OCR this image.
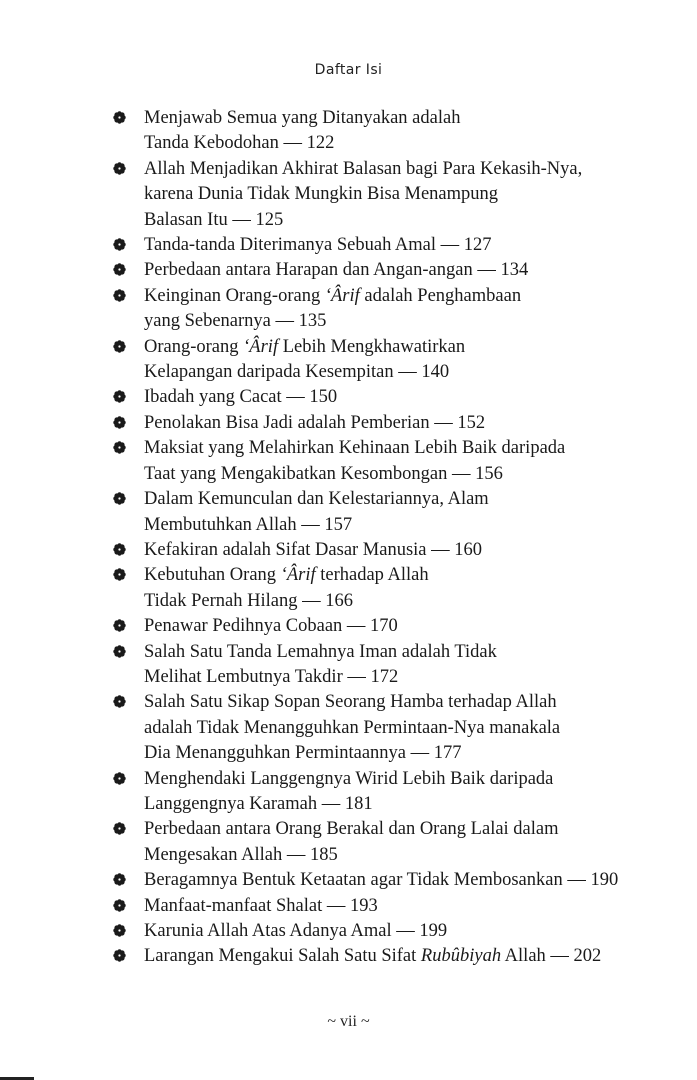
Daftar Isi
Menjawab Semua yang Ditanyakan adalah
Tanda Kebodohan — 122
Allah Menjadikan Akhirat Balasan bagi Para Kekasih-Nya,
karena Dunia Tidak Mungkin Bisa Menampung
Balasan Itu — 125
Tanda-tanda Diterimanya Sebuah Amal — 127
Perbedaan antara Harapan dan Angan-angan — 134
Keinginan Orang-orang ‘Ârif adalah Penghambaan
yang Sebenarnya — 135
Orang-orang ‘Ârif Lebih Mengkhawatirkan
Kelapangan daripada Kesempitan — 140
Ibadah yang Cacat — 150
Penolakan Bisa Jadi adalah Pemberian — 152
Maksiat yang Melahirkan Kehinaan Lebih Baik daripada
Taat yang Mengakibatkan Kesombongan — 156
Dalam Kemunculan dan Kelestariannya, Alam
Membutuhkan Allah — 157
Kefakiran adalah Sifat Dasar Manusia — 160
Kebutuhan Orang ‘Ârif terhadap Allah
Tidak Pernah Hilang — 166
Penawar Pedihnya Cobaan — 170
Salah Satu Tanda Lemahnya Iman adalah Tidak
Melihat Lembutnya Takdir — 172
Salah Satu Sikap Sopan Seorang Hamba terhadap Allah
adalah Tidak Menangguhkan Permintaan-Nya manakala
Dia Menangguhkan Permintaannya — 177
Menghendaki Langgengnya Wirid Lebih Baik daripada
Langgengnya Karamah — 181
Perbedaan antara Orang Berakal dan Orang Lalai dalam
Mengesakan Allah — 185
Beragamnya Bentuk Ketaatan agar Tidak Membosankan — 190
Manfaat-manfaat Shalat — 193
Karunia Allah Atas Adanya Amal — 199
Larangan Mengakui Salah Satu Sifat Rubûbiyah Allah — 202
~ vii ~
